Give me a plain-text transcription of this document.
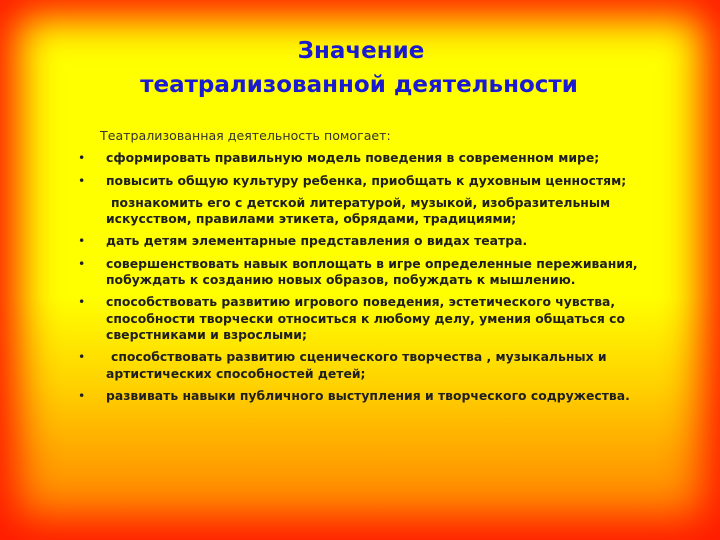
Значение
театрализованной деятельности
Театрализованная деятельность помогает:
• сформировать правильную модель поведения в современном мире;
• повысить общую культуру ребенка, приобщать к духовным ценностям;
познакомить его с детской литературой, музыкой, изобразительным искусством, правилами этикета, обрядами, традициями;
• дать детям элементарные представления о видах театра.
• совершенствовать навык воплощать в игре определенные переживания, побуждать к созданию новых образов, побуждать к мышлению.
• способствовать развитию игрового поведения, эстетического чувства, способности творчески относиться к любому делу, умения общаться со сверстниками и взрослыми;
• способствовать развитию сценического творчества , музыкальных и артистических способностей детей;
• развивать навыки публичного выступления и творческого содружества.
